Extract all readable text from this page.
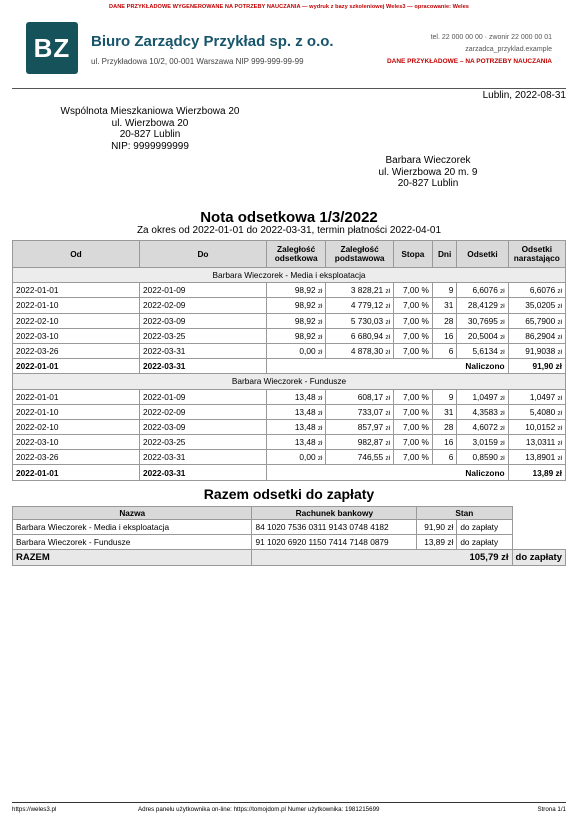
DANE PRZYKŁADOWE WYGENEROWANE NA POTRZEBY NAUCZANIA — wydruk z bazy szkoleniowej Weles3 — opracowanie: Weles
BZ	Biuro Zarządcy Przykład sp. z o.o.
ul. Przykładowa 10/2, 00-001 Warszawa NIP 999-999-99-99
tel. 22 000 00 00 · zwonir 22 000 00 01
zarzadca_przyklad.example
DANE PRZYKŁADOWE – NA POTRZEBY NAUCZANIA
Lublin, 2022-08-31
Wspólnota Mieszkaniowa Wierzbowa 20
ul. Wierzbowa 20
20-827 Lublin
NIP: 9999999999
Barbara Wieczorek
ul. Wierzbowa 20 m. 9
20-827 Lublin
Nota odsetkowa 1/3/2022
Za okres od 2022-01-01 do 2022-03-31, termin płatności 2022-04-01
Od	Do	Zaległość odsetkowa	Zaległość podstawowa	Stopa	Dni	Odsetki	Odsetki narastająco
Barbara Wieczorek - Media i eksploatacja							
2022-01-01	2022-01-09	98,92 zł	3 828,21 zł	7,00 %	9	6,6076 zł	6,6076 zł
2022-01-10	2022-02-09	98,92 zł	4 779,12 zł	7,00 %	31	28,4129 zł	35,0205 zł
2022-02-10	2022-03-09	98,92 zł	5 730,03 zł	7,00 %	28	30,7695 zł	65,7900 zł
2022-03-10	2022-03-25	98,92 zł	6 680,94 zł	7,00 %	16	20,5004 zł	86,2904 zł
2022-03-26	2022-03-31	0,00 zł	4 878,30 zł	7,00 %	6	5,6134 zł	91,9038 zł
2022-01-01	2022-03-31	Naliczono					91,90 zł
Barbara Wieczorek - Fundusze							
2022-01-01	2022-01-09	13,48 zł	608,17 zł	7,00 %	9	1,0497 zł	1,0497 zł
2022-01-10	2022-02-09	13,48 zł	733,07 zł	7,00 %	31	4,3583 zł	5,4080 zł
2022-02-10	2022-03-09	13,48 zł	857,97 zł	7,00 %	28	4,6072 zł	10,0152 zł
2022-03-10	2022-03-25	13,48 zł	982,87 zł	7,00 %	16	3,0159 zł	13,0311 zł
2022-03-26	2022-03-31	0,00 zł	746,55 zł	7,00 %	6	0,8590 zł	13,8901 zł
2022-01-01	2022-03-31	Naliczono					13,89 zł
Razem odsetki do zapłaty
Nazwa	Rachunek bankowy	Stan		
Barbara Wieczorek - Media i eksploatacja	84 1020 7536 0311 9143 0748 4182	91,90 zł	do zapłaty	
Barbara Wieczorek - Fundusze	91 1020 6920 1150 7414 7148 0879	13,89 zł	do zapłaty	
RAZEM	105,79 zł			do zapłaty
https://weles3.pl	Adres panelu użytkownika on-line: https://tomojdom.pl Numer użytkownika: 1981215699	Strona 1/1
